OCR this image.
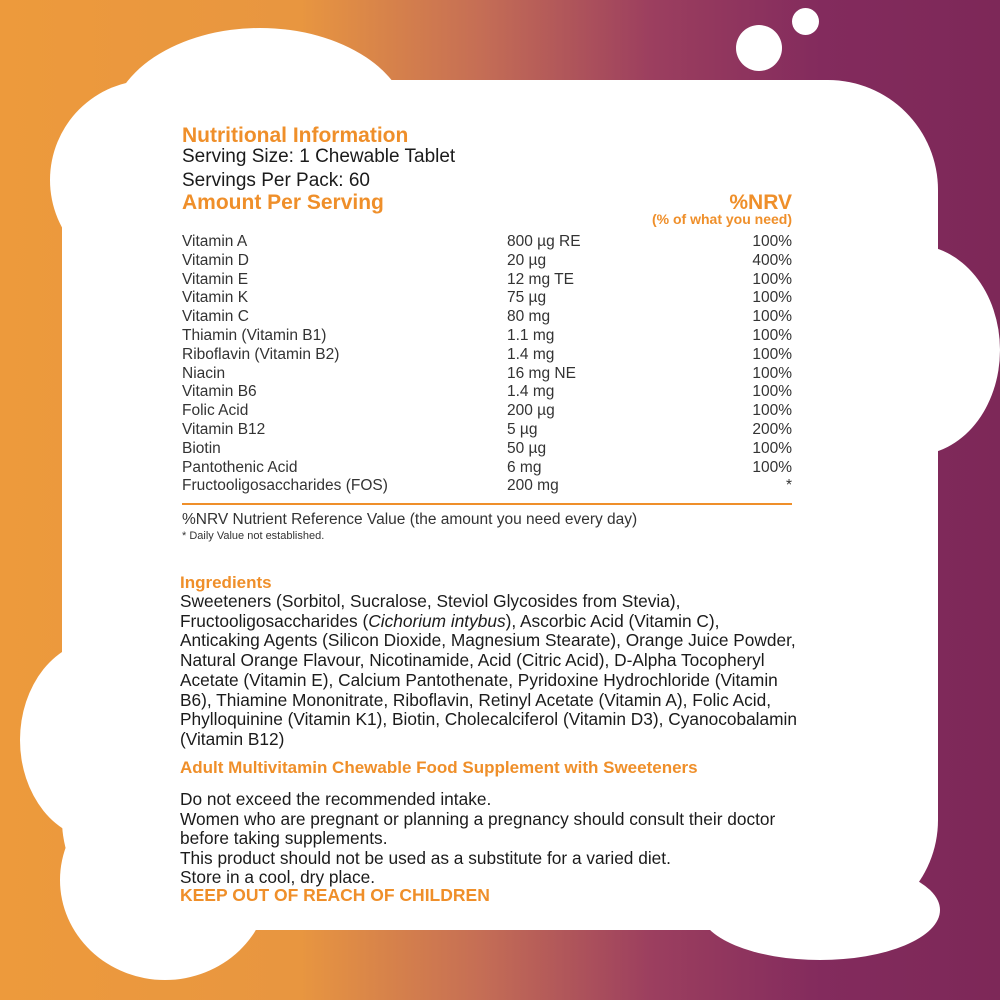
Nutritional Information
Serving Size: 1 Chewable Tablet
Servings Per Pack: 60
Amount Per Serving	%NRV
(% of what you need)
Vitamin A	800 µg RE	100%
Vitamin D	20 µg	400%
Vitamin E	12 mg TE	100%
Vitamin K	75 µg	100%
Vitamin C	80 mg	100%
Thiamin (Vitamin B1)	1.1 mg	100%
Riboflavin (Vitamin B2)	1.4 mg	100%
Niacin	16 mg NE	100%
Vitamin B6	1.4 mg	100%
Folic Acid	200 µg	100%
Vitamin B12	5 µg	200%
Biotin	50 µg	100%
Pantothenic Acid	6 mg	100%
Fructooligosaccharides (FOS)	200 mg	*
%NRV Nutrient Reference Value (the amount you need every day)
* Daily Value not established.
Ingredients
Sweeteners (Sorbitol, Sucralose, Steviol Glycosides from Stevia), Fructooligosaccharides (Cichorium intybus), Ascorbic Acid (Vitamin C), Anticaking Agents (Silicon Dioxide, Magnesium Stearate), Orange Juice Powder, Natural Orange Flavour, Nicotinamide, Acid (Citric Acid), D-Alpha Tocopheryl Acetate (Vitamin E), Calcium Pantothenate, Pyridoxine Hydrochloride (Vitamin B6), Thiamine Mononitrate, Riboflavin, Retinyl Acetate (Vitamin A), Folic Acid, Phylloquinine (Vitamin K1), Biotin, Cholecalciferol (Vitamin D3), Cyanocobalamin (Vitamin B12)
Adult Multivitamin Chewable Food Supplement with Sweeteners
Do not exceed the recommended intake.
Women who are pregnant or planning a pregnancy should consult their doctor before taking supplements.
This product should not be used as a substitute for a varied diet.
Store in a cool, dry place.
KEEP OUT OF REACH OF CHILDREN
